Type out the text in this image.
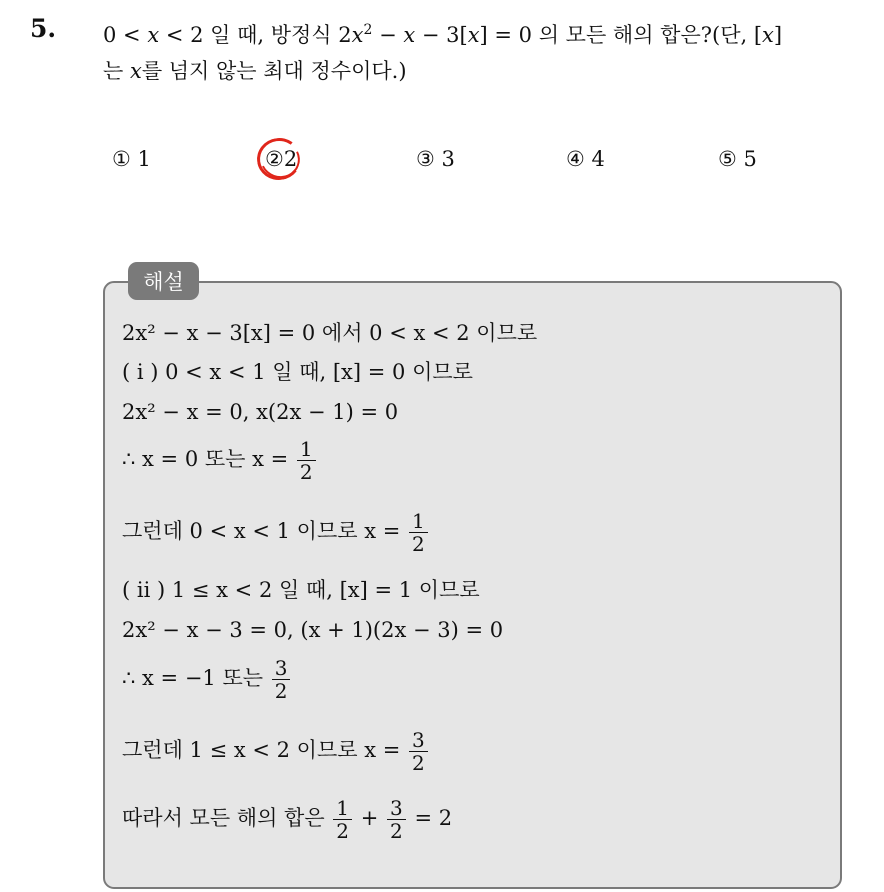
5. 0 < x < 2 일 때, 방정식 $2x^2 - x - 3[x] = 0$ 의 모든 해의 합은?(단, [x]
는 x를 넘지 않는 최대 정수이다.)
① 1	②2	③ 3	④ 4	⑤ 5
해설
2x² − x − 3[x] = 0 에서 0 < x < 2 이므로
( i ) 0 < x < 1 일 때, [x] = 0 이므로
2x² − x = 0, x(2x − 1) = 0
∴ x = 0 또는 $x = \frac{1}{2}$
그런데 0 < x < 1 이므로 $x = \frac{1}{2}$
( ii ) 1 ≤ x < 2 일 때, [x] = 1 이므로
2x² − x − 3 = 0, (x + 1)(2x − 3) = 0
∴ x = −1 또는 $\frac{3}{2}$
그런데 1 ≤ x < 2 이므로 $x = \frac{3}{2}$
따라서 모든 해의 합은 $\frac{1}{2} + \frac{3}{2} = 2$
